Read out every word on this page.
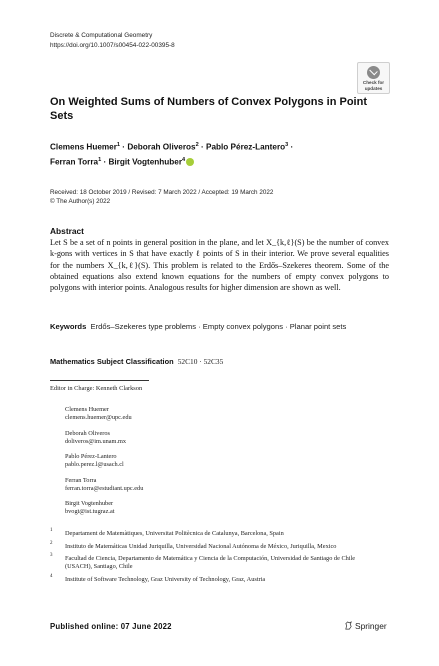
Discrete & Computational Geometry
https://doi.org/10.1007/s00454-022-00395-8
Check for
updates
On Weighted Sums of Numbers of Convex Polygons in Point Sets
Clemens Huemer$^1$ · Deborah Oliveros$^2$ · Pablo Pérez-Lantero$^3$ ·
Ferran Torra$^1$ · Birgit Vogtenhuber$^4$
Received: 18 October 2019 / Revised: 7 March 2022 / Accepted: 19 March 2022
© The Author(s) 2022
Abstract
Let S be a set of n points in general position in the plane, and let X_{k,ℓ}(S) be the number of convex k-gons with vertices in S that have exactly ℓ points of S in their interior. We prove several equalities for the numbers X_{k,ℓ}(S). This problem is related to the Erdős–Szekeres theorem. Some of the obtained equations also extend known equations for the numbers of empty convex polygons to polygons with interior points. Analogous results for higher dimension are shown as well.
Keywords Erdős–Szekeres type problems · Empty convex polygons · Planar point sets
Mathematics Subject Classification 52C10 · 52C35
Editor in Charge: Kenneth Clarkson
Clemens Huemer
clemens.huemer@upc.edu
Deborah Oliveros
doliveros@im.unam.mx
Pablo Pérez-Lantero
pablo.perez.l@usach.cl
Ferran Torra
ferran.torra@estudiant.upc.edu
Birgit Vogtenhuber
bvogt@ist.tugraz.at
1 Departament de Matemàtiques, Universitat Politècnica de Catalunya, Barcelona, Spain
2 Instituto de Matemáticas Unidad Juriquilla, Universidad Nacional Autónoma de México, Juriquilla, Mexico
3 Facultad de Ciencia, Departamento de Matemática y Ciencia de la Computación, Universidad de Santiago de Chile (USACH), Santiago, Chile
4 Institute of Software Technology, Graz University of Technology, Graz, Austria
Published online: 07 June 2022	Springer
